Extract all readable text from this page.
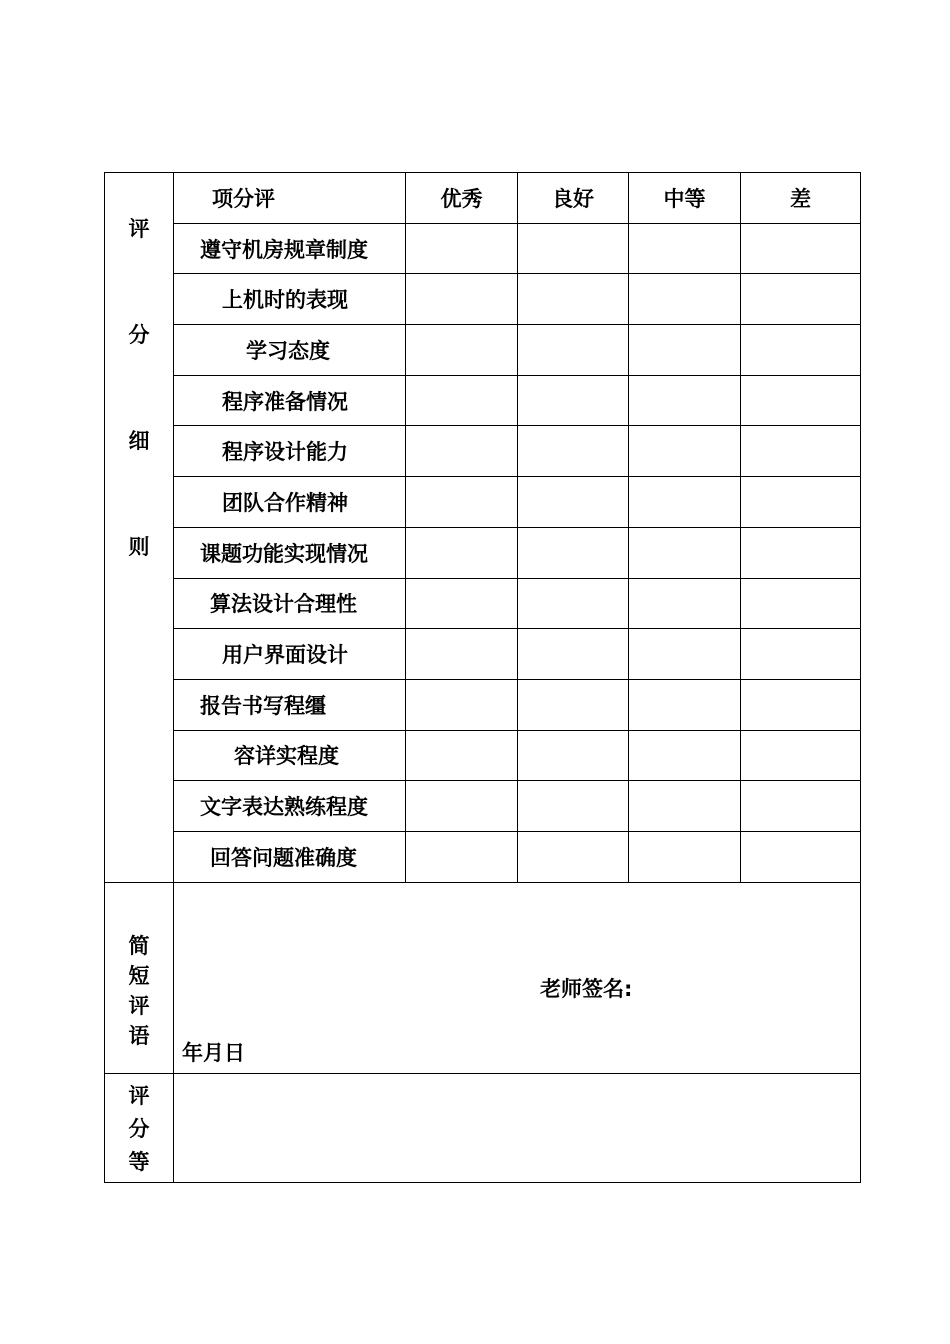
评
分
细
则	项分评	优秀	良好	中等	差

	遵守机房规章制度				

	上机时的表现				

	学习态度				

	程序准备情况				

	程序设计能力				

	团队合作精神				

	课题功能实现情况				

	算法设计合理性				

	用户界面设计				

	报告书写程缰				

	容详实程度				

	文字表达熟练程度				

	回答问题准确度				

简
短
评
语	老师签名:
年月日

评
分
等	
